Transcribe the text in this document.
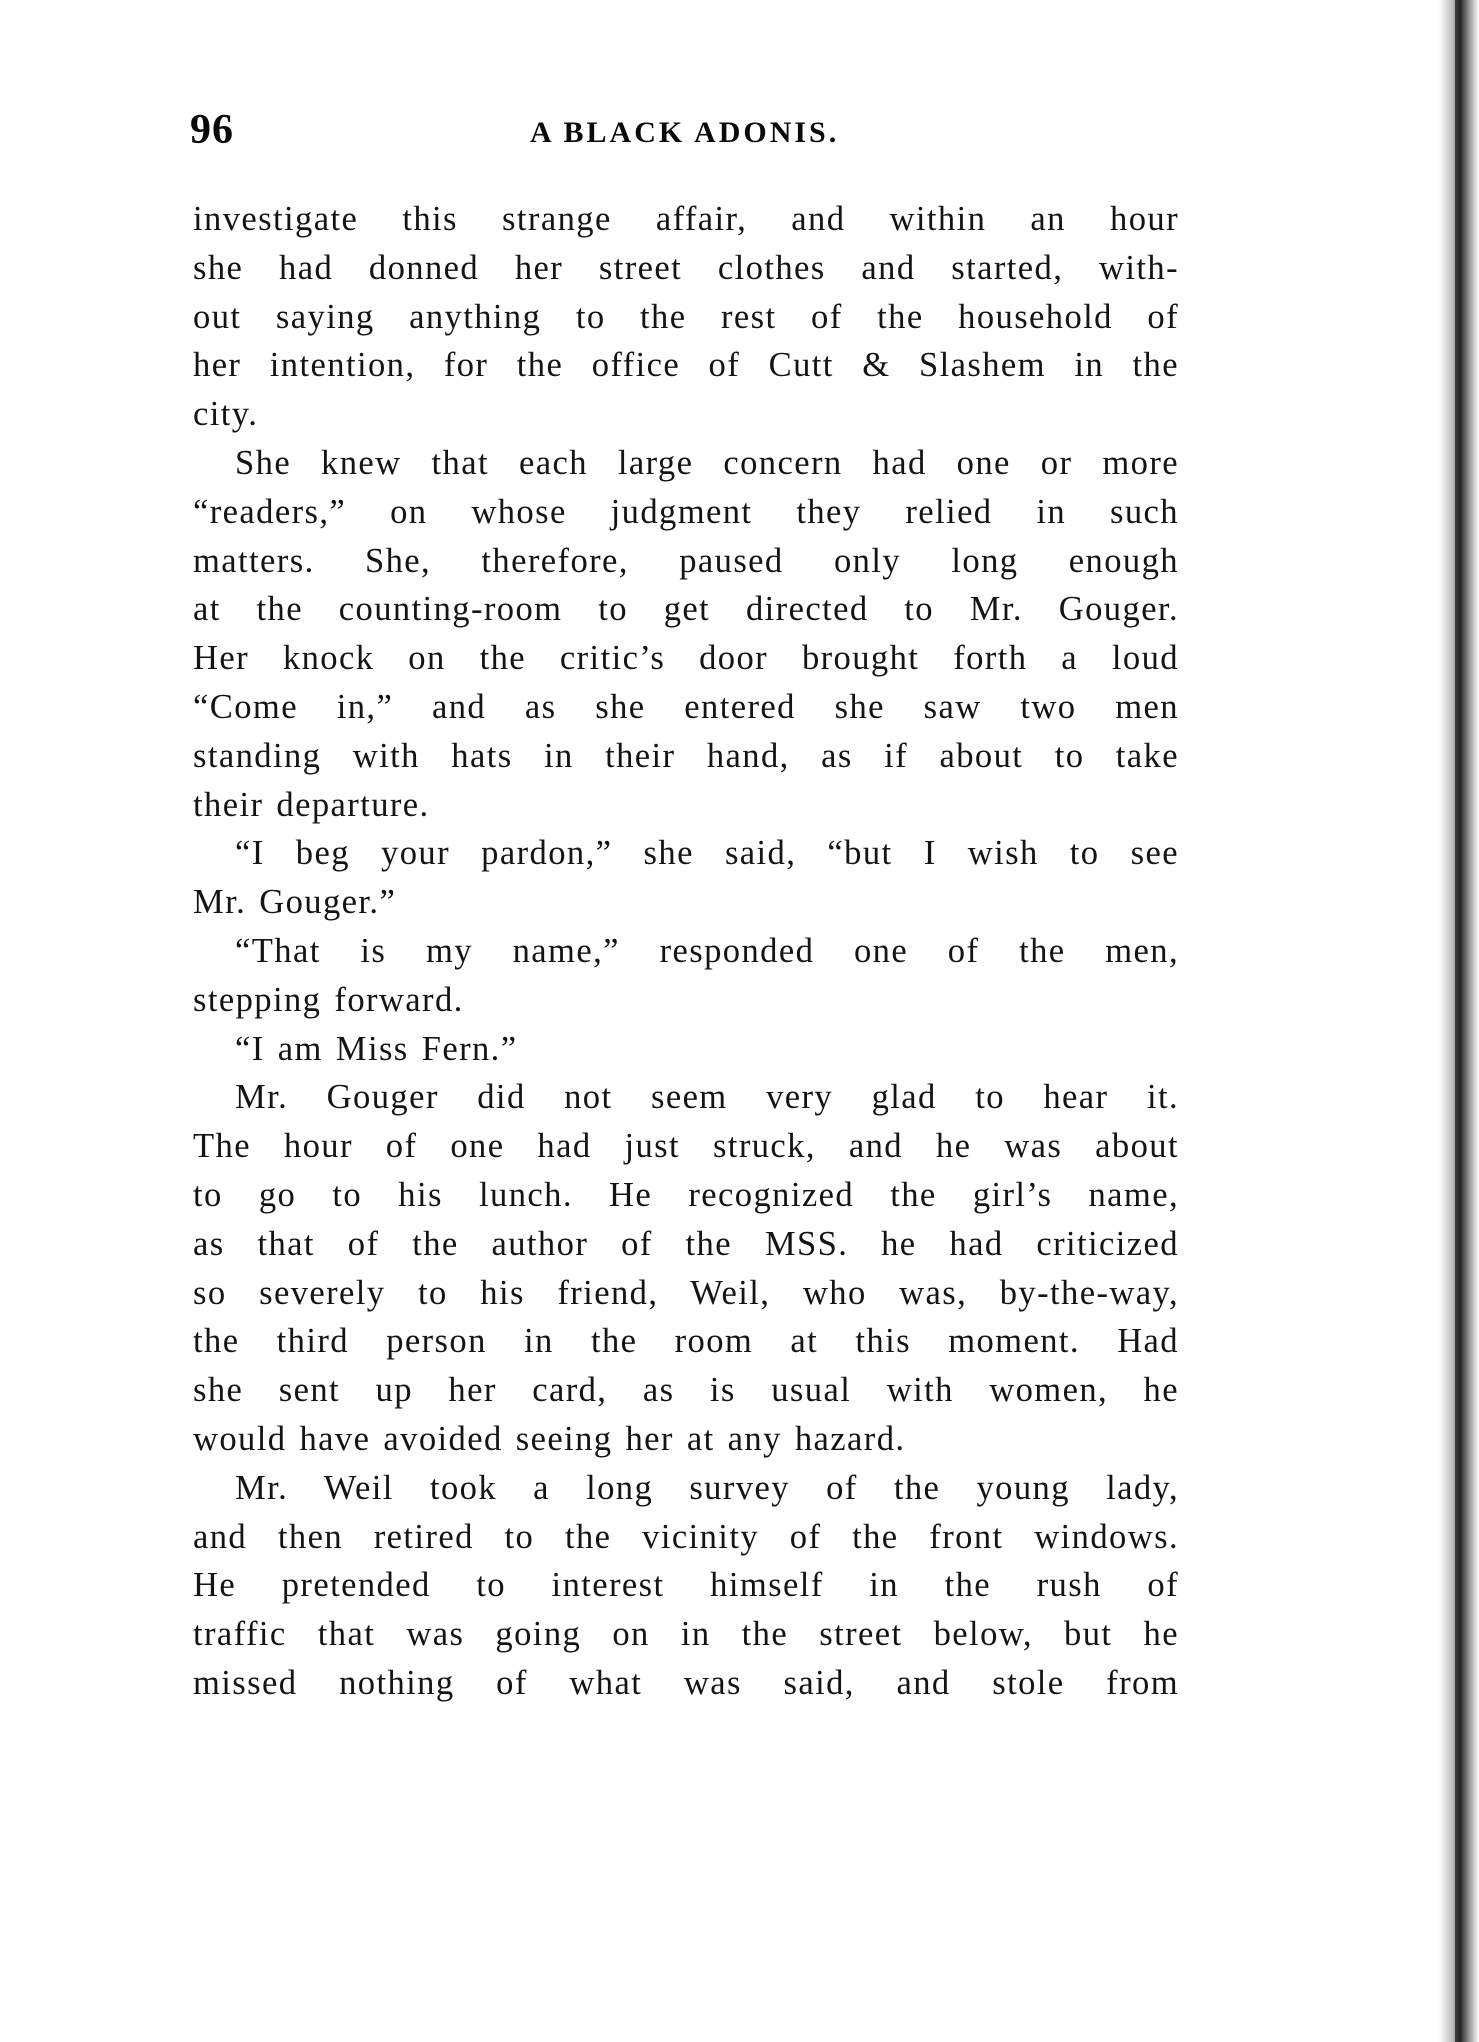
96	A BLACK ADONIS.

investigate this strange affair, and within an hour
she had donned her street clothes and started, with-
out saying anything to the rest of the household of
her intention, for the office of Cutt & Slashem in the
city.

She knew that each large concern had one or more
“readers,” on whose judgment they relied in such
matters. She, therefore, paused only long enough
at the counting-room to get directed to Mr. Gouger.
Her knock on the critic’s door brought forth a loud
“Come in,” and as she entered she saw two men
standing with hats in their hand, as if about to take
their departure.

“I beg your pardon,” she said, “but I wish to see
Mr. Gouger.”

“That is my name,” responded one of the men,
stepping forward.

“I am Miss Fern.”

Mr. Gouger did not seem very glad to hear it.
The hour of one had just struck, and he was about
to go to his lunch. He recognized the girl’s name,
as that of the author of the MSS. he had criticized
so severely to his friend, Weil, who was, by-the-way,
the third person in the room at this moment. Had
she sent up her card, as is usual with women, he
would have avoided seeing her at any hazard.

Mr. Weil took a long survey of the young lady,
and then retired to the vicinity of the front windows.
He pretended to interest himself in the rush of
traffic that was going on in the street below, but he
missed nothing of what was said, and stole from
